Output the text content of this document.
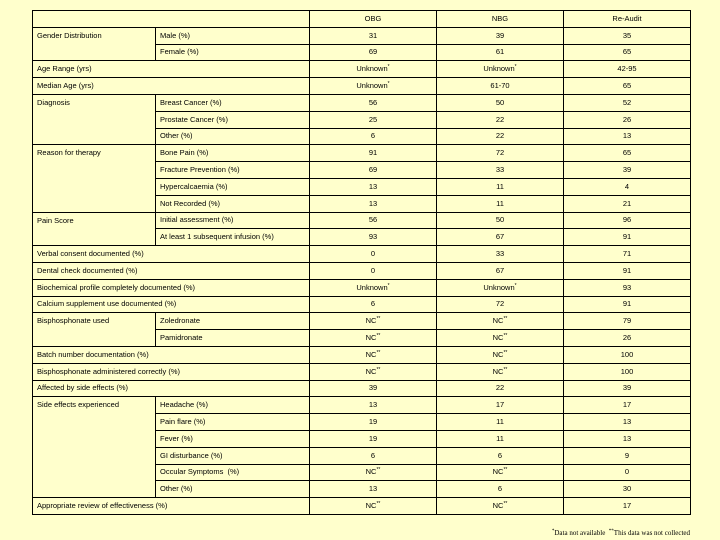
		OBG	NBG	Re-Audit
Gender Distribution	Male (%)	31	39	35
	Female (%)	69	61	65
Age Range (yrs)		Unknown*	Unknown*	42-95
Median Age (yrs)		Unknown*	61-70	65
Diagnosis	Breast Cancer (%)	56	50	52
	Prostate Cancer (%)	25	22	26
	Other (%)	6	22	13
Reason for therapy	Bone Pain (%)	91	72	65
	Fracture Prevention (%)	69	33	39
	Hypercalcaemia (%)	13	11	4
	Not Recorded (%)	13	11	21
Pain Score	Initial assessment (%)	56	50	96
	At least 1 subsequent infusion (%)	93	67	91
Verbal consent documented (%)		0	33	71
Dental check documented (%)		0	67	91
Biochemical profile completely documented (%)		Unknown*	Unknown*	93
Calcium supplement use documented (%)		6	72	91
Bisphosphonate used	Zoledronate	NC**	NC**	79
	Pamidronate	NC**	NC**	26
Batch number documentation (%)		NC**	NC**	100
Bisphosphonate administered correctly (%)		NC**	NC**	100
Affected by side effects (%)		39	22	39
Side effects experienced	Headache (%)	13	17	17
	Pain flare (%)	19	11	13
	Fever (%)	19	11	13
	GI disturbance (%)	6	6	9
	Occular Symptoms  (%)	NC**	NC**	0
	Other (%)	13	6	30
Appropriate review of effectiveness (%)		NC**	NC**	17
*Data not available **This data was not collected
